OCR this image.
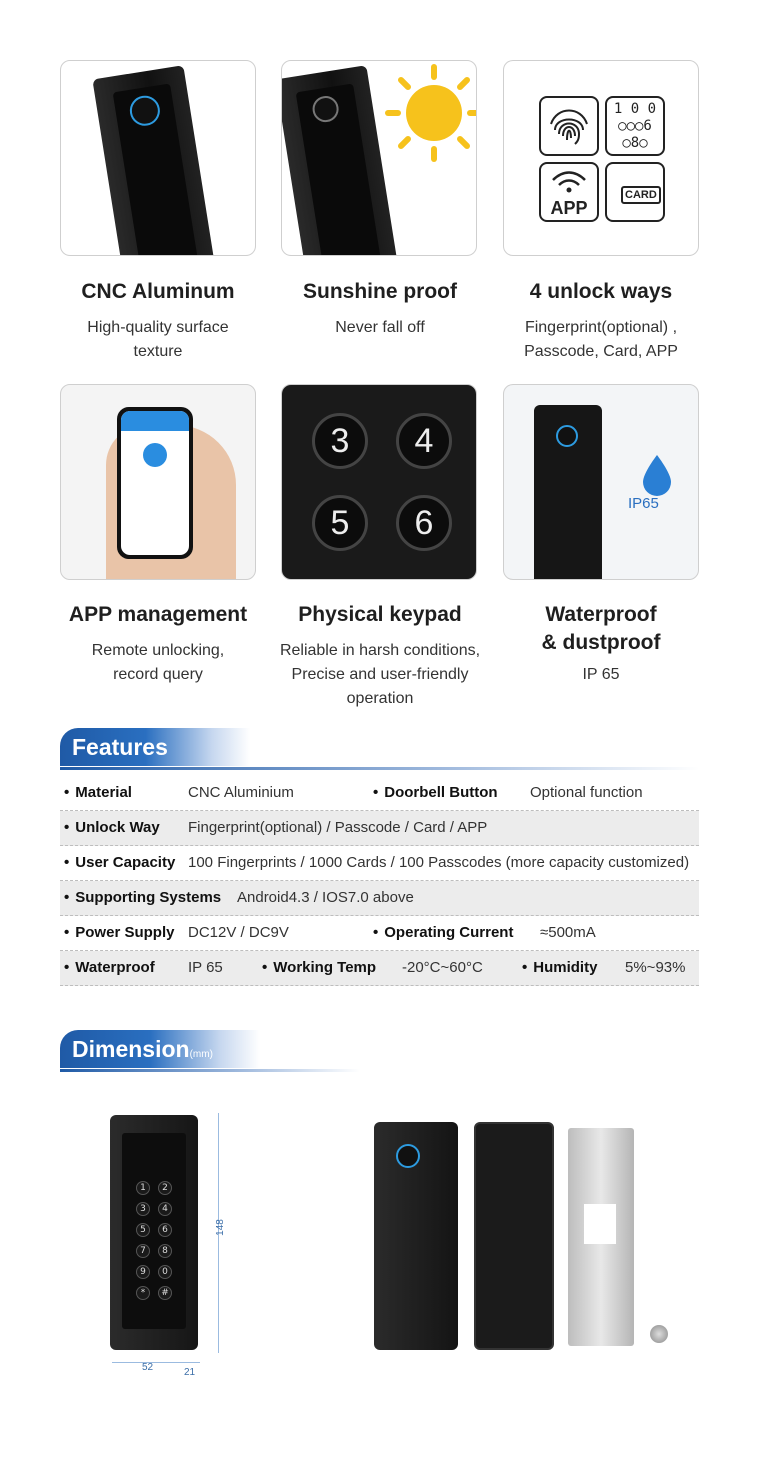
1 0 0
○○○6
○8○
APP
CARD
CNC Aluminum
High-quality surface
texture
Sunshine proof
Never fall off
4 unlock ways
Fingerprint(optional) ,
Passcode, Card, APP
3	4
5	6
IP65
APP management
Remote unlocking,
record query
Physical keypad
Reliable in harsh conditions,
Precise and user-friendly
operation
Waterproof
& dustproof
IP 65
Features
• Material	CNC Aluminium	• Doorbell Button Optional function
• Unlock Way Fingerprint(optional) / Passcode / Card / APP
• User Capacity 100 Fingerprints / 1000 Cards / 100 Passcodes (more capacity customized)
• Supporting Systems Android4.3 / IOS7.0 above
• Power Supply DC12V / DC9V	• Operating Current ≈500mA
• Waterproof IP 65	• Working Temp -20°C~60°C	• Humidity 5%~93%
Dimension(mm)
1	2
3	4
5	6
7	8
9	0
*	#
148
52	21
